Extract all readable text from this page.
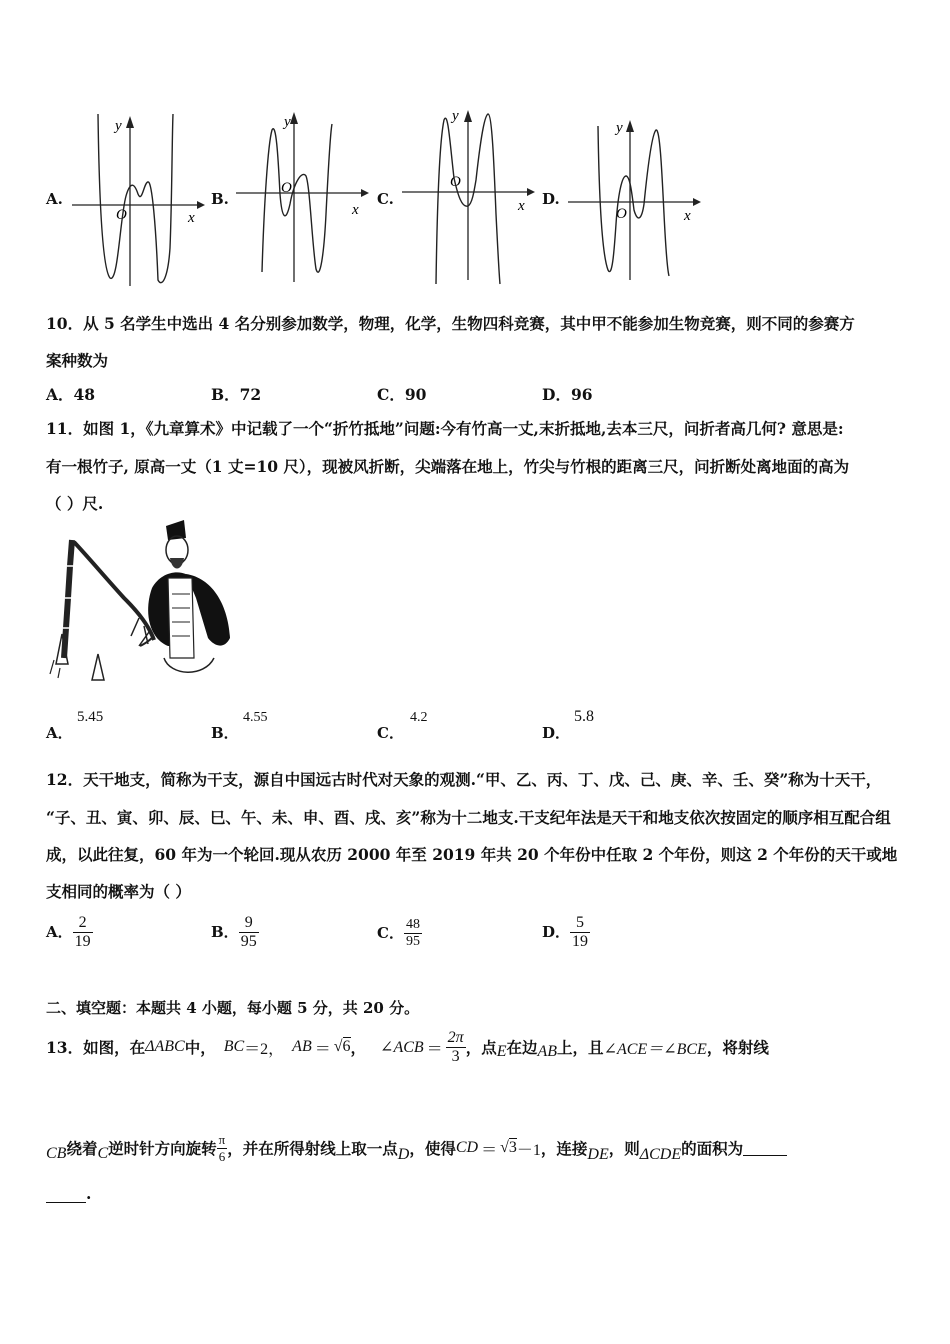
A.	B.	C.	D.
y
x
O
y
x
O
y
x
O
y
x
O
10．从 5 名学生中选出 4 名分别参加数学，物理，化学，生物四科竞赛，其中甲不能参加生物竞赛，则不同的参赛方
案种数为
A．48	B．72	C．90	D．96
11．如图 1，《九章算术》中记载了一个“折竹抵地”问题:今有竹高一丈,末折抵地,去本三尺，问折者高几何? 意思是:
有一根竹子, 原高一丈（1 丈=10 尺），现被风折断，尖端落在地上，竹尖与竹根的距离三尺，问折断处离地面的高为
（ ）尺.
A．
5.45
B．
4.55
C．
4.2
D．
5.8
12．天干地支，简称为干支，源自中国远古时代对天象的观测.“甲、乙、丙、丁、戊、己、庚、辛、壬、癸”称为十天干，
“子、丑、寅、卯、辰、巳、午、未、申、酉、戌、亥”称为十二地支.干支纪年法是天干和地支依次按固定的顺序相互配合组
成，以此往复，60 年为一个轮回.现从农历 2000 年至 2019 年共 20 个年份中任取 2 个年份，则这 2 个年份的天干或地
支相同的概率为（ ）
A． $\frac{2}{19}$	B． $\frac{9}{95}$	C． $\frac{48}{95}$	D． $\frac{5}{19}$
二、填空题：本题共 4 小题，每小题 5 分，共 20 分。
13．如图，在 ΔABC 中， BC ＝2， AB ＝ √6 ， ∠ACB ＝ $\frac{2\pi}{3}$ ，点 E 在边 AB 上，且 ∠ACE＝∠BCE ，将射线
CB 绕着 C 逆时针方向旋转 $\frac{\pi}{6}$ ，并在所得射线上取一点 D ，使得 CD ＝ √3 －1 ，连接 DE ，则 ΔCDE 的面积为
.
